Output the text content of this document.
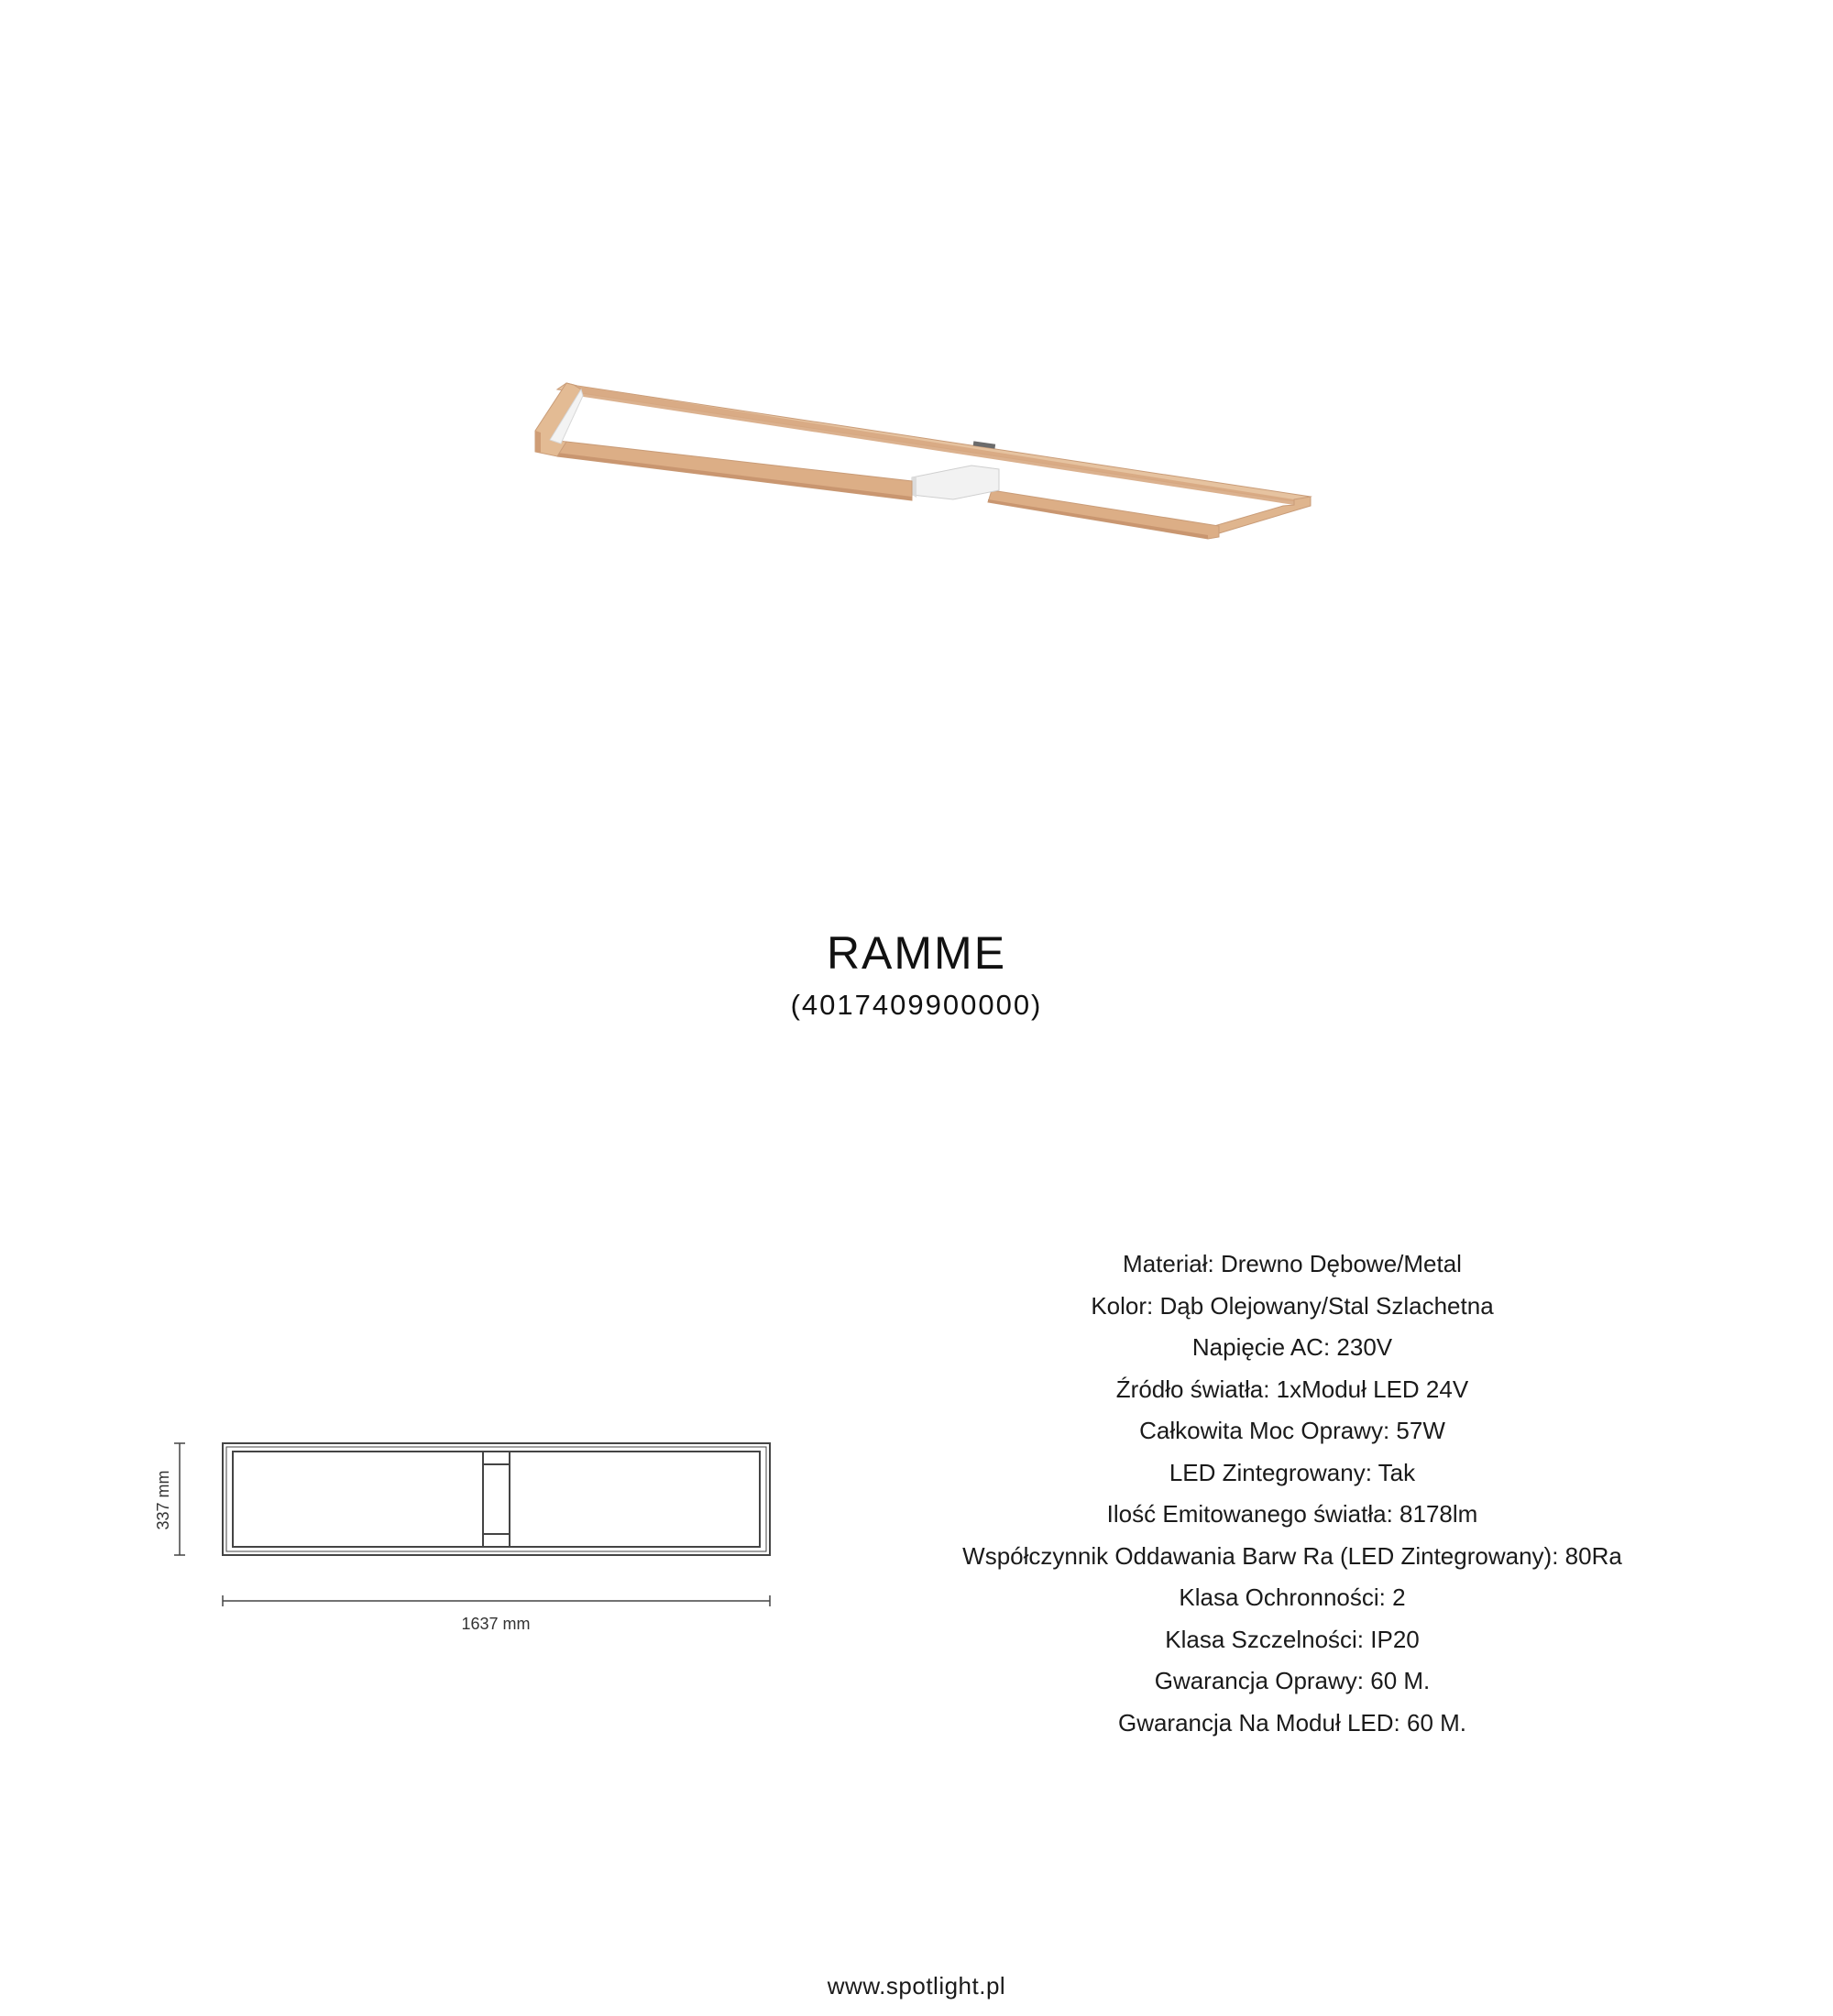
RAMME

(4017409900000)

337 mm
1637 mm
Materiał: Drewno Dębowe/Metal
Kolor: Dąb Olejowany/Stal Szlachetna
Napięcie AC: 230V
Źródło światła: 1xModuł LED 24V
Całkowita Moc Oprawy: 57W
LED Zintegrowany: Tak
Ilość Emitowanego światła: 8178lm
Współczynnik Oddawania Barw Ra (LED Zintegrowany): 80Ra
Klasa Ochronności: 2
Klasa Szczelności: IP20
Gwarancja Oprawy: 60 M.
Gwarancja Na Moduł LED: 60 M.
www.spotlight.pl
